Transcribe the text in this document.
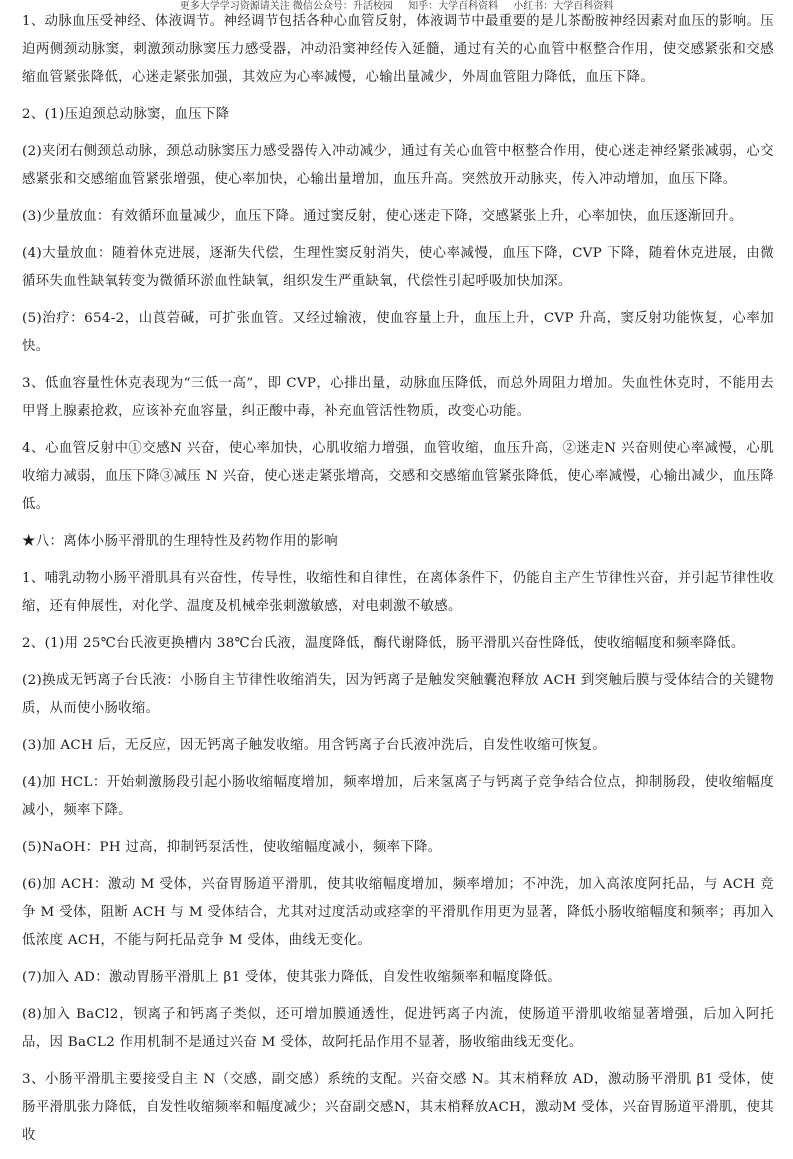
更多大学学习资源请关注 微信公众号：升活校园 知乎：大学百科资料 小红书：大学百科资料

1、动脉血压受神经、体液调节。神经调节包括各种心血管反射，体液调节中最重要的是儿茶酚胺神经因素对血压的影响。压迫两侧颈动脉窦，刺激颈动脉窦压力感受器，冲动沿窦神经传入延髓，通过有关的心血管中枢整合作用，使交感紧张和交感缩血管紧张降低，心迷走紧张加强，其效应为心率减慢，心输出量减少，外周血管阻力降低，血压下降。

2、(1)压迫颈总动脉窦，血压下降

(2)夹闭右侧颈总动脉，颈总动脉窦压力感受器传入冲动减少，通过有关心血管中枢整合作用，使心迷走神经紧张减弱，心交感紧张和交感缩血管紧张增强，使心率加快，心输出量增加，血压升高。突然放开动脉夹，传入冲动增加，血压下降。

(3)少量放血：有效循环血量减少，血压下降。通过窦反射，使心迷走下降，交感紧张上升，心率加快，血压逐渐回升。

(4)大量放血：随着休克进展，逐渐失代偿，生理性窦反射消失，使心率减慢，血压下降，CVP 下降，随着休克进展，由微循环失血性缺氧转变为微循环淤血性缺氧，组织发生严重缺氧，代偿性引起呼吸加快加深。

(5)治疗：654-2，山莨菪碱，可扩张血管。又经过输液，使血容量上升，血压上升，CVP 升高，窦反射功能恢复，心率加快。

3、低血容量性休克表现为“三低一高”，即 CVP，心排出量，动脉血压降低，而总外周阻力增加。失血性休克时，不能用去甲肾上腺素抢救，应该补充血容量，纠正酸中毒，补充血管活性物质，改变心功能。

4、心血管反射中①交感N 兴奋，使心率加快，心肌收缩力增强，血管收缩，血压升高，②迷走N 兴奋则使心率减慢，心肌收缩力减弱，血压下降③减压 N 兴奋，使心迷走紧张增高，交感和交感缩血管紧张降低，使心率减慢，心输出减少，血压降低。

★八：离体小肠平滑肌的生理特性及药物作用的影响

1、哺乳动物小肠平滑肌具有兴奋性，传导性，收缩性和自律性，在离体条件下，仍能自主产生节律性兴奋，并引起节律性收缩，还有伸展性，对化学、温度及机械牵张刺激敏感，对电刺激不敏感。

2、(1)用 25℃台氏液更换槽内 38℃台氏液，温度降低，酶代谢降低，肠平滑肌兴奋性降低，使收缩幅度和频率降低。

(2)换成无钙离子台氏液：小肠自主节律性收缩消失，因为钙离子是触发突触囊泡释放 ACH 到突触后膜与受体结合的关键物质，从而使小肠收缩。

(3)加 ACH 后，无反应，因无钙离子触发收缩。用含钙离子台氏液冲洗后，自发性收缩可恢复。

(4)加 HCL：开始刺激肠段引起小肠收缩幅度增加，频率增加，后来氢离子与钙离子竞争结合位点，抑制肠段，使收缩幅度减小，频率下降。

(5)NaOH：PH 过高，抑制钙泵活性，使收缩幅度减小，频率下降。

(6)加 ACH：激动 M 受体，兴奋胃肠道平滑肌，使其收缩幅度增加，频率增加；不冲洗，加入高浓度阿托品，与 ACH 竞争 M 受体，阻断 ACH 与 M 受体结合，尤其对过度活动或痉挛的平滑肌作用更为显著，降低小肠收缩幅度和频率；再加入低浓度 ACH，不能与阿托品竞争 M 受体，曲线无变化。

(7)加入 AD：激动胃肠平滑肌上 β1 受体，使其张力降低，自发性收缩频率和幅度降低。

(8)加入 BaCl2，钡离子和钙离子类似，还可增加膜通透性，促进钙离子内流，使肠道平滑肌收缩显著增强，后加入阿托品，因 BaCL2 作用机制不是通过兴奋 M 受体，故阿托品作用不显著，肠收缩曲线无变化。

3、小肠平滑肌主要接受自主 N（交感，副交感）系统的支配。兴奋交感 N。其末梢释放 AD，激动肠平滑肌 β1 受体，使肠平滑肌张力降低，自发性收缩频率和幅度减少；兴奋副交感N，其末梢释放ACH，激动M 受体，兴奋胃肠道平滑肌，使其收
